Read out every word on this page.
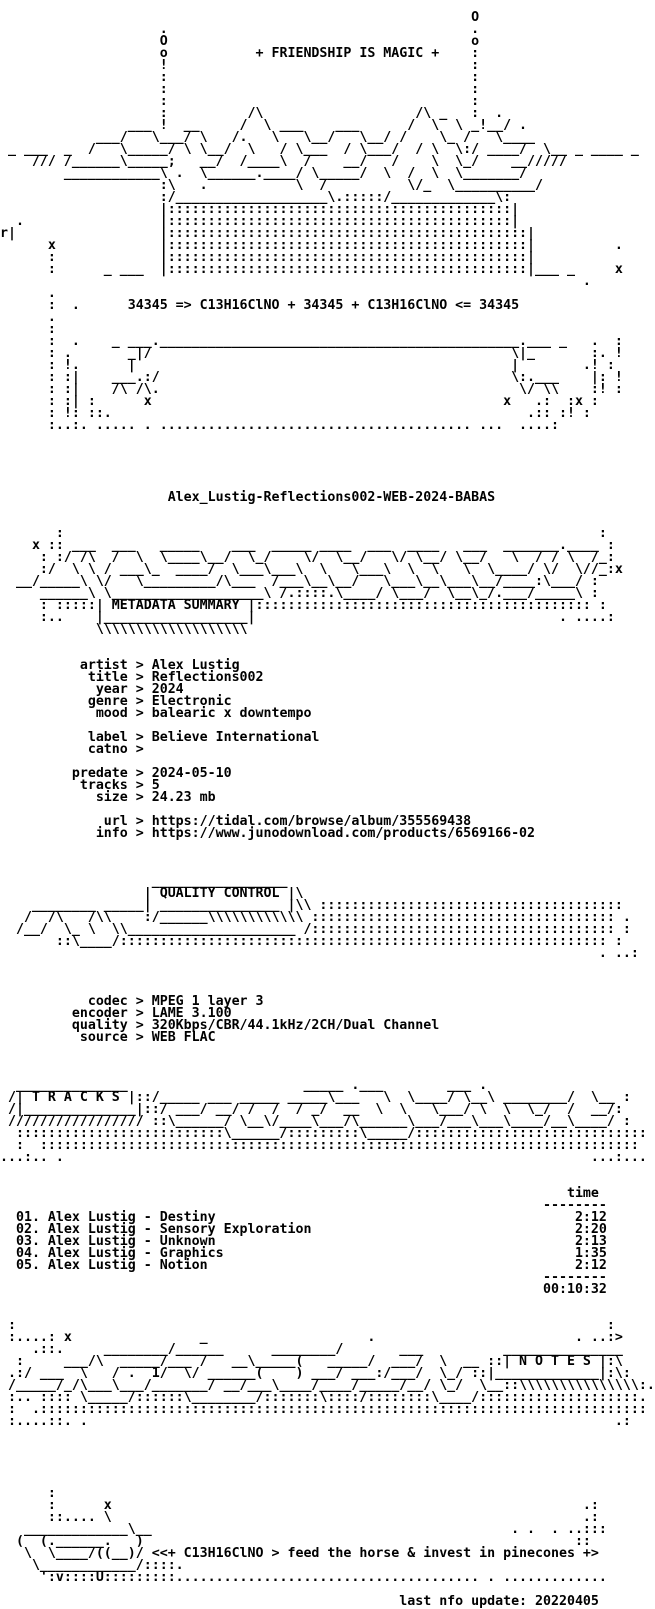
O
.                                      .
O                                      o
o           + FRIENDSHIP IS MAGIC +    :
!                                      :
:                                      :
:                                      :
:                                      :
:          /\                   /\ _   :  .
___ !  __     /  \ ___    ___      /  \  \ _!__/ .
___/   \___/ \   /.   \   \__/   \__/ /    \_ /   \____
_ ___  _  /   \_____/ \ \__/  \   / \___  / \___/  / \  \:/ ____/  \__ _ ____ _
/// /______\_____;   __/  /____\  /    __/   /    \  \_/    __/////
____________\ .  \______.____/ \_____/  \  /  \  \_______/
:\   .           \  /          \/_  \__________/
:/___________________\.:::::/_____________\:
|:::::::::::::::::::::::::::::::::::::::::::|
.                 |:::::::::::::::::::::::::::::::::::::::::::|
r|                  |:::::::::::::::::::::::::::::::::::::::::::::|
x             |:::::::::::::::::::::::::::::::::::::::::::::|          .
:             |:::::::::::::::::::::::::::::::::::::::::::::|
:      _ ___  |:::::::::::::::::::::::::::::::::::::::::::::|___ _     x
.
.
:  .      34345 => C13H16ClNO + 34345 + C13H16ClNO <= 34345
.
:
:  .    _ ___._____________________________________________.___ _   .  :
: .       _|/                                             \|_       :. !
: !.      |                                               |        .! :
: :|    ___.:/                                            \:.___    |: !
: :|    /\ /\.                                             \/ \\    :! :
: :| :      x                                            x   .:  :x :
: !: ::.                                                    .:: :! :
:..:. ..... . ....................................... ...  ....:
Alex_Lustig-Reflections002-WEB-2024-BABAS
:                                                                   :
x :: ___  ___   _____    ___  _____ ____  ___  ____   ___  _______.____ :
: :/ /\  /  \  \____\__/  \_/    \/  \__/   \/ \__/ \__/   \  / / \  /_:
:/  \ \ / ___\_  ____/  \___\___\  \   \___\  \  \   \  \____/ \/  \//_:x
__/_____\ \/   \_________/\___  /___\__\__/   \___\__\___\__/____:\___/ :
______\ \___________________\ /.::::.\____/ \___/  \__\_/.___/_____\ :
: :::::| METADATA SUMMARY |:::::::::::::::::::::::::::::::::::::::::: :
:..    |__________________|                                      . ....:
\\\\\\\\\\\\\\\\\\\
artist > Alex Lustig
title > Reflections002
year > 2024
genre > Electronic
mood > balearic x downtempo
label > Believe International
catno >
predate > 2024-05-10
tracks > 5
size > 24.23 mb
url > https://tidal.com/browse/album/355569438
info > https://www.junodownload.com/products/6569166-02
_________________
| QUALITY CONTROL |\
________ _____| _______________ |\\ ::::::::::::::::::::::::::::::::::::::
/  /\   /\\    :/______\\\\\\\\\\\\ :::::::::::::::::::::::::::::::::::::: .
/__/  \_ \  \\_____________________ /:::::::::::::::::::::::::::::::::::::: :
::\____/::::::::::::::::::::::::::::::::::::::::::::::::::::::::::::: :
. ..:
codec > MPEG 1 layer 3
encoder > LAME 3.100
quality > 320Kbps/CBR/44.1kHz/2CH/Dual Channel
source > WEB FLAC
______________                      _____ .___        ___ .
/| T R A C K S |::/_____ ___ _____ _____\___   \  \____/ \__\ ________/  \__ :
/|______________|::/ ___/ __/ /  /  / _/  __  \  \   \___/ \  \  \_/  /  __/:
///////////////// ::\______/ \__\/____\___/\______\___/___\___\____/__\____/ :
::::::::::::::::::::::::::\______/:::::::::\_____/:::::::::::::::::::::::::::::
:  :::::::::::::::::::::::::::::::::::::::::::::::::::::::::::::::::::::::::::
...:.. .                                                                  ...:...
time
--------
01. Alex Lustig - Destiny                                             2:12
02. Alex Lustig - Sensory Exploration                                 2:20
03. Alex Lustig - Unknown                                             2:13
04. Alex Lustig - Graphics                                            1:35
05. Alex Lustig - Notion                                              2:12
--------
00:10:32
:                                                                          :
:....: x                _                    .                         . ..:>
.::.     ________/______      ________/       ___          _______________
:     ___/\  _____/___ /   __\_____(   _____/  ___/  \  __ ::| N O T E S |:\
.:/ ___  \   / .  1/  \/ ______(    ) ___/ ___:/___/  \_/ ::|_____________|:\:
/_____/_/\___\___/_______/ __/___\____/____/_____/__/ \_/  \__::\\\\\\\\\\\\\\\:.
:.. :::: \_____/::::::\________/:::::::\::::/::::::::\____/::::::::::::::::::::.
:  .::::::::::::::::::::::::::::::::::::::::::::::::::::::::::::::::::::::::::::
:....::. .                                                                  .:
:
:      x                                                           .:
::.... \                                                           .:
_____________\__                                             . .  . ..:::
(  (.______.   )                                                      ::
\  \____/((__)/ <<+ C13H16ClNO > feed the horse & invest in pinecones +>
\____________/::::.
':v::::U:::::::::...................................... . .............
last nfo update: 20220405
